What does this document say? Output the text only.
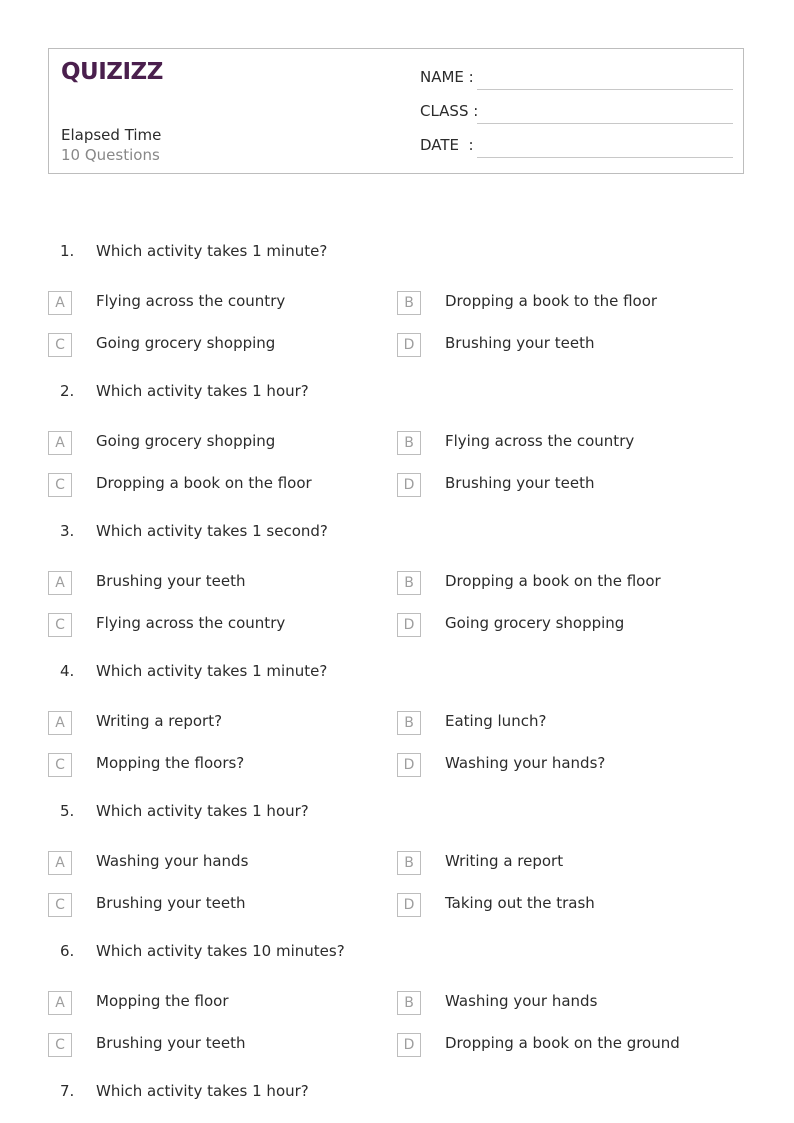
QUIZIZZ
Elapsed Time
10 Questions
NAME :
CLASS :
DATE  :
1. Which activity takes 1 minute?
A	Flying across the country	B	Dropping a book to the floor
C	Going grocery shopping	D	Brushing your teeth
2. Which activity takes 1 hour?
A	Going grocery shopping	B	Flying across the country
C	Dropping a book on the floor	D	Brushing your teeth
3. Which activity takes 1 second?
A	Brushing your teeth	B	Dropping a book on the floor
C	Flying across the country	D	Going grocery shopping
4. Which activity takes 1 minute?
A	Writing a report?	B	Eating lunch?
C	Mopping the floors?	D	Washing your hands?
5. Which activity takes 1 hour?
A	Washing your hands	B	Writing a report
C	Brushing your teeth	D	Taking out the trash
6. Which activity takes 10 minutes?
A	Mopping the floor	B	Washing your hands
C	Brushing your teeth	D	Dropping a book on the ground
7. Which activity takes 1 hour?
